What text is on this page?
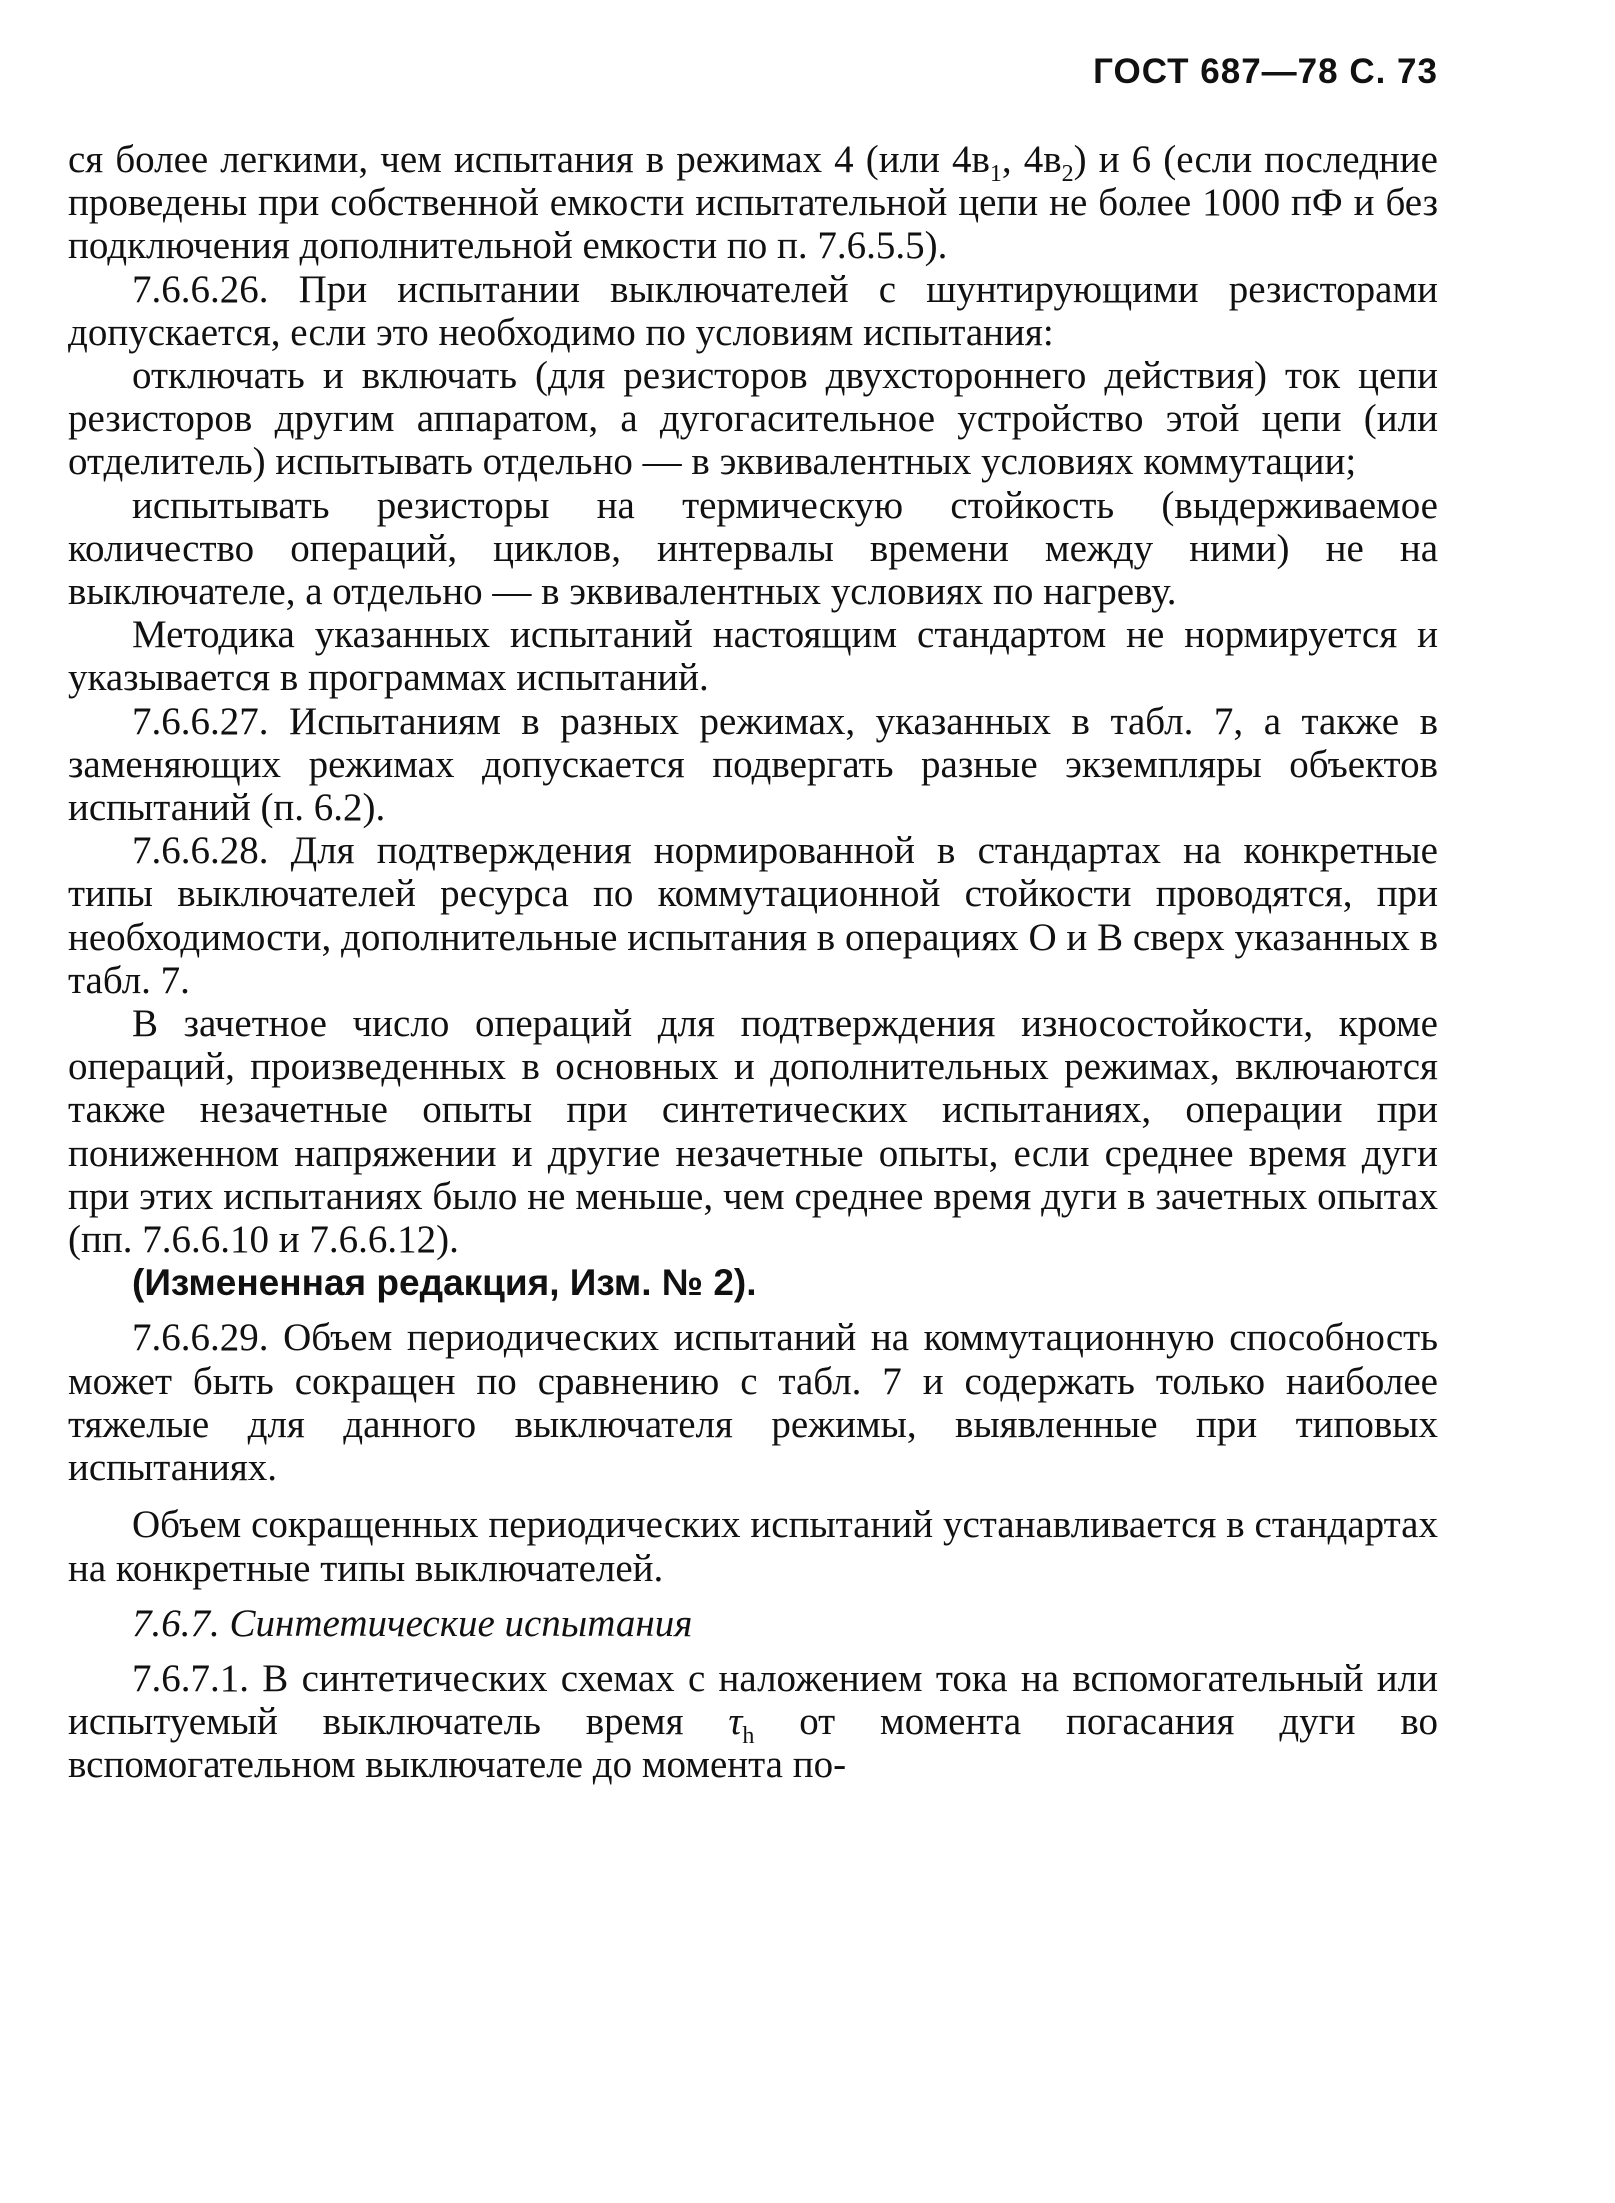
ГОСТ 687—78 С. 73

ся более легкими, чем испытания в режимах 4 (или $4в_1$, $4в_2$) и 6 (если последние проведены при собственной емкости испытательной цепи не более 1000 пФ и без подключения дополнительной емкости по п. 7.6.5.5).

7.6.6.26. При испытании выключателей с шунтирующими резисторами допускается, если это необходимо по условиям испытания:

отключать и включать (для резисторов двухстороннего действия) ток цепи резисторов другим аппаратом, а дугогасительное устройство этой цепи (или отделитель) испытывать отдельно — в эквивалентных условиях коммутации;

испытывать резисторы на термическую стойкость (выдерживаемое количество операций, циклов, интервалы времени между ними) не на выключателе, а отдельно — в эквивалентных условиях по нагреву.

Методика указанных испытаний настоящим стандартом не нормируется и указывается в программах испытаний.

7.6.6.27. Испытаниям в разных режимах, указанных в табл. 7, а также в заменяющих режимах допускается подвергать разные экземпляры объектов испытаний (п. 6.2).

7.6.6.28. Для подтверждения нормированной в стандартах на конкретные типы выключателей ресурса по коммутационной стойкости проводятся, при необходимости, дополнительные испытания в операциях О и В сверх указанных в табл. 7.

В зачетное число операций для подтверждения износостойкости, кроме операций, произведенных в основных и дополнительных режимах, включаются также незачетные опыты при синтетических испытаниях, операции при пониженном напряжении и другие незачетные опыты, если среднее время дуги при этих испытаниях было не меньше, чем среднее время дуги в зачетных опытах (пп. 7.6.6.10 и 7.6.6.12).

(Измененная редакция, Изм. № 2).

7.6.6.29. Объем периодических испытаний на коммутационную способность может быть сокращен по сравнению с табл. 7 и содержать только наиболее тяжелые для данного выключателя режимы, выявленные при типовых испытаниях.

Объем сокращенных периодических испытаний устанавливается в стандартах на конкретные типы выключателей.

7.6.7. Синтетические испытания

7.6.7.1. В синтетических схемах с наложением тока на вспомогательный или испытуемый выключатель время $\tau_h$ от момента погасания дуги во вспомогательном выключателе до момента по-
